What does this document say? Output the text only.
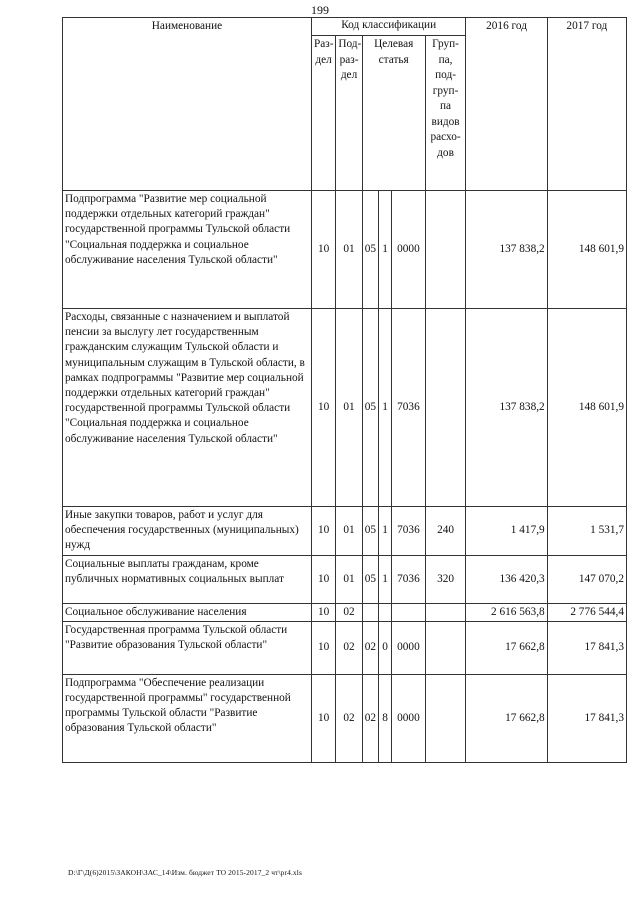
199
Наименование	Код классификации						2016 год	2017 год
	Раз-дел	Под-раз-дел	Целевая статья			Груп-па, под-груп-па видов расхо-дов		
Подпрограмма "Развитие мер социальной поддержки отдельных категорий граждан" государственной программы Тульской области "Социальная поддержка и социальное обслуживание населения Тульской области"	10	01	05	1	0000		137 838,2	148 601,9
Расходы, связанные с назначением и выплатой пенсии за выслугу лет государственным гражданским служащим Тульской области и муниципальным служащим в Тульской области, в рамках подпрограммы "Развитие мер социальной поддержки отдельных категорий граждан" государственной программы Тульской области "Социальная поддержка и социальное обслуживание населения Тульской области"	10	01	05	1	7036		137 838,2	148 601,9
Иные закупки товаров, работ и услуг для обеспечения государственных (муниципальных) нужд	10	01	05	1	7036	240	1 417,9	1 531,7
Социальные выплаты гражданам, кроме публичных нормативных социальных выплат	10	01	05	1	7036	320	136 420,3	147 070,2
Социальное обслуживание населения	10	02					2 616 563,8	2 776 544,4
Государственная программа Тульской области "Развитие образования Тульской области"	10	02	02	0	0000		17 662,8	17 841,3
Подпрограмма "Обеспечение реализации государственной программы" государственной программы Тульской области "Развитие образования Тульской области"	10	02	02	8	0000		17 662,8	17 841,3
D:\Г\Д(6)2015\ЗАКОН\ЗАС_14\Изм. бюджет ТО 2015-2017_2 чт\pr4.xls
